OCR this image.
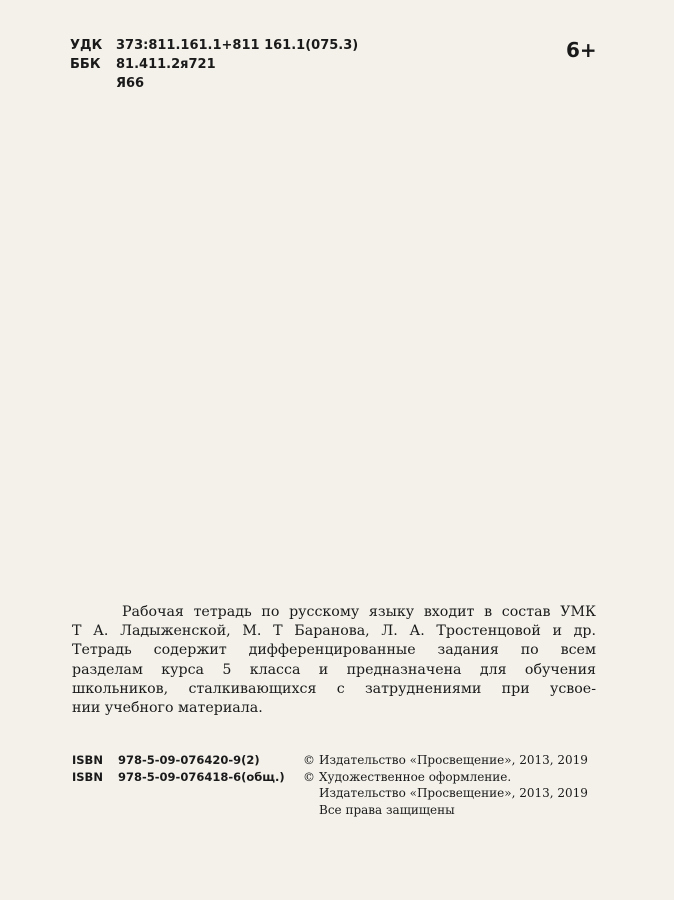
УДК 373:811.161.1+811 161.1(075.3)
ББК 81.411.2я721
Я66
6+
Рабочая тетрадь по русскому языку входит в состав УМК
Т А. Ладыженской, М. Т Баранова, Л. А. Тростенцовой и др.
Тетрадь содержит дифференцированные задания по всем
разделам курса 5 класса и предназначена для обучения
школьников, сталкивающихся с затруднениями при усвое-
нии учебного материала.
ISBN 978-5-09-076420-9(2)
ISBN 978-5-09-076418-6(общ.)
© Издательство «Просвещение», 2013, 2019
© Художественное оформление.
Издательство «Просвещение», 2013, 2019
Все права защищены
